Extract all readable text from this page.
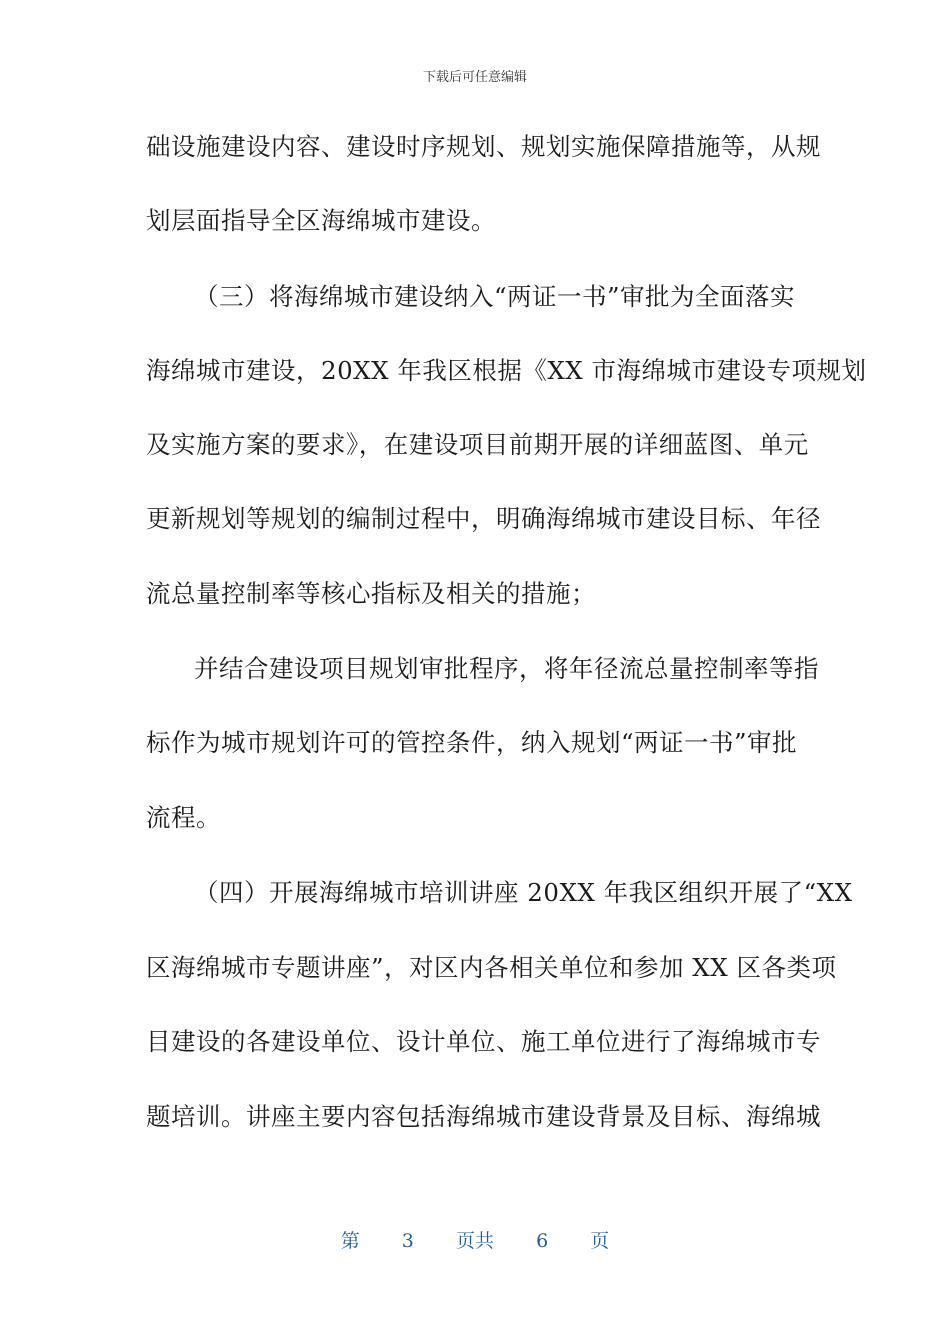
下载后可任意编辑
础设施建设内容、建设时序规划、规划实施保障措施等，从规
划层面指导全区海绵城市建设。
（三）将海绵城市建设纳入“两证一书”审批为全面落实
海绵城市建设，20XX 年我区根据《XX 市海绵城市建设专项规划
及实施方案的要求》，在建设项目前期开展的详细蓝图、单元
更新规划等规划的编制过程中，明确海绵城市建设目标、年径
流总量控制率等核心指标及相关的措施；
并结合建设项目规划审批程序，将年径流总量控制率等指
标作为城市规划许可的管控条件，纳入规划“两证一书”审批
流程。
（四）开展海绵城市培训讲座 20XX 年我区组织开展了“XX
区海绵城市专题讲座”，对区内各相关单位和参加 XX 区各类项
目建设的各建设单位、设计单位、施工单位进行了海绵城市专
题培训。讲座主要内容包括海绵城市建设背景及目标、海绵城
第 3 页共 6 页
